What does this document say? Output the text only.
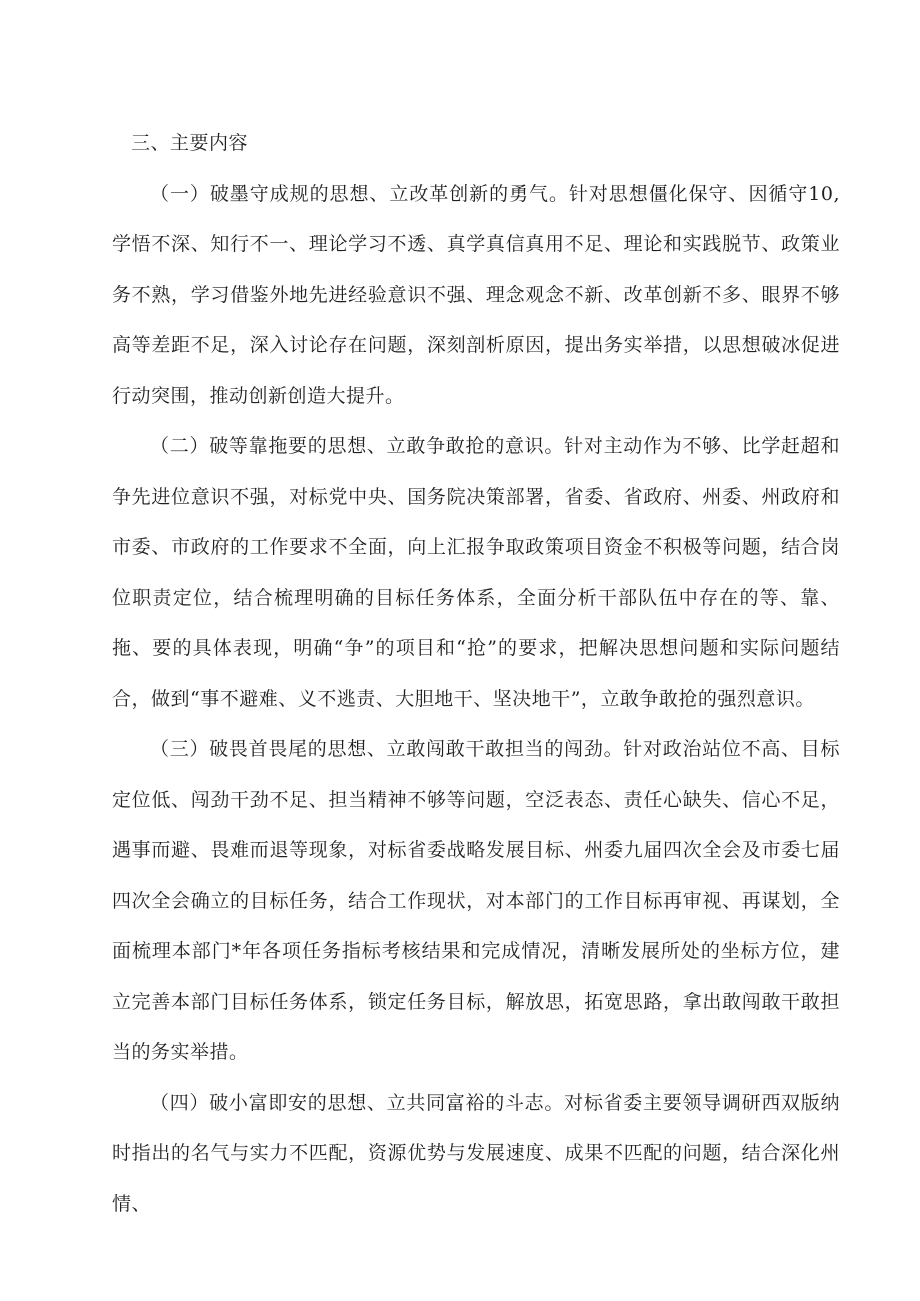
三、主要内容

（一）破墨守成规的思想、立改革创新的勇气。针对思想僵化保守、因循守10,学悟不深、知行不一、理论学习不透、真学真信真用不足、理论和实践脱节、政策业务不熟，学习借鉴外地先进经验意识不强、理念观念不新、改革创新不多、眼界不够高等差距不足，深入讨论存在问题，深刻剖析原因，提出务实举措，以思想破冰促进行动突围，推动创新创造大提升。

（二）破等靠拖要的思想、立敢争敢抢的意识。针对主动作为不够、比学赶超和争先进位意识不强，对标党中央、国务院决策部署，省委、省政府、州委、州政府和市委、市政府的工作要求不全面，向上汇报争取政策项目资金不积极等问题，结合岗位职责定位，结合梳理明确的目标任务体系，全面分析干部队伍中存在的等、靠、拖、要的具体表现，明确“争”的项目和“抢”的要求，把解决思想问题和实际问题结合，做到“事不避难、义不逃责、大胆地干、坚决地干”，立敢争敢抢的强烈意识。

（三）破畏首畏尾的思想、立敢闯敢干敢担当的闯劲。针对政治站位不高、目标定位低、闯劲干劲不足、担当精神不够等问题，空泛表态、责任心缺失、信心不足，遇事而避、畏难而退等现象，对标省委战略发展目标、州委九届四次全会及市委七届四次全会确立的目标任务，结合工作现状，对本部门的工作目标再审视、再谋划，全面梳理本部门*年各项任务指标考核结果和完成情况，清晰发展所处的坐标方位，建立完善本部门目标任务体系，锁定任务目标，解放思，拓宽思路，拿出敢闯敢干敢担当的务实举措。

（四）破小富即安的思想、立共同富裕的斗志。对标省委主要领导调研西双版纳时指出的名气与实力不匹配，资源优势与发展速度、成果不匹配的问题，结合深化州情、
